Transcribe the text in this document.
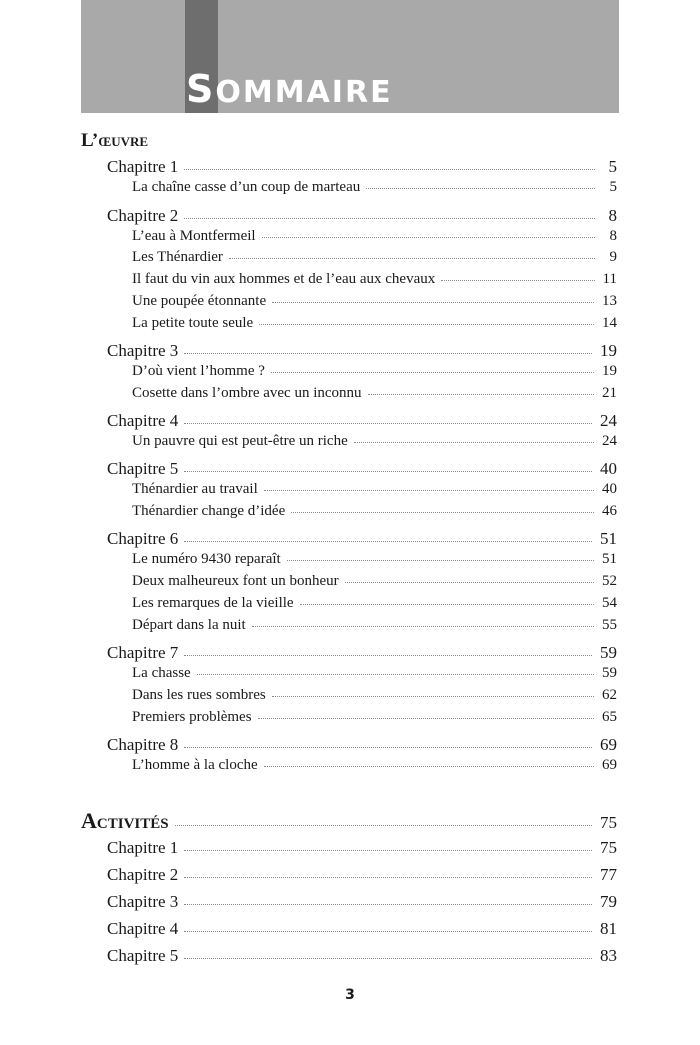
SOMMAIRE
L’œuvre
Chapitre 1	5
La chaîne casse d’un coup de marteau	5
Chapitre 2	8
L’eau à Montfermeil	8
Les Thénardier	9
Il faut du vin aux hommes et de l’eau aux chevaux	11
Une poupée étonnante	13
La petite toute seule	14
Chapitre 3	19
D’où vient l’homme ?	19
Cosette dans l’ombre avec un inconnu	21
Chapitre 4	24
Un pauvre qui est peut-être un riche	24
Chapitre 5	40
Thénardier au travail	40
Thénardier change d’idée	46
Chapitre 6	51
Le numéro 9430 reparaît	51
Deux malheureux font un bonheur	52
Les remarques de la vieille	54
Départ dans la nuit	55
Chapitre 7	59
La chasse	59
Dans les rues sombres	62
Premiers problèmes	65
Chapitre 8	69
L’homme à la cloche	69
Activités	75
Chapitre 1	75
Chapitre 2	77
Chapitre 3	79
Chapitre 4	81
Chapitre 5	83
3
